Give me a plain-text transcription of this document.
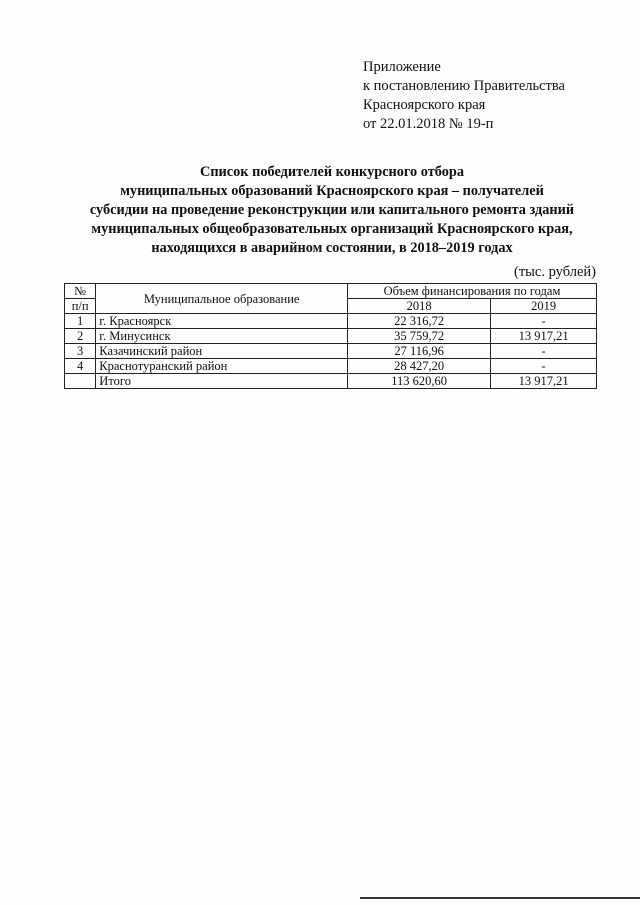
Приложение
к постановлению Правительства
Красноярского края
от 22.01.2018 № 19-п
Список победителей конкурсного отбора
муниципальных образований Красноярского края – получателей
субсидии на проведение реконструкции или капитального ремонта зданий
муниципальных общеобразовательных организаций Красноярского края,
находящихся в аварийном состоянии, в 2018–2019 годах
(тыс. рублей)
№	Муниципальное образование	Объем финансирования по годам	
п/п		2018	2019
1	г. Красноярск	22 316,72	-
2	г. Минусинск	35 759,72	13 917,21
3	Казачинский район	27 116,96	-
4	Краснотуранский район	28 427,20	-
	Итого	113 620,60	13 917,21
